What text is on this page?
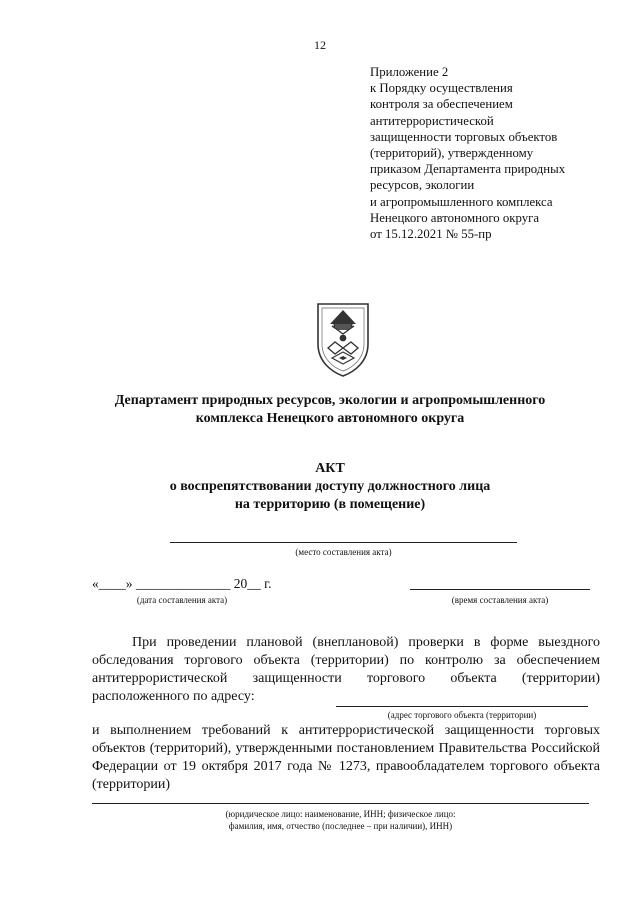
12
Приложение 2
к Порядку осуществления
контроля за обеспечением
антитеррористической
защищенности торговых объектов
(территорий), утвержденному
приказом Департамента природных
ресурсов, экологии
и агропромышленного комплекса
Ненецкого автономного округа
от 15.12.2021 № 55-пр
Департамент природных ресурсов, экологии и агропромышленного
комплекса Ненецкого автономного округа
АКТ
о воспрепятствовании доступу должностного лица
на территорию (в помещение)
(место составления акта)
«____» ______________ 20__ г.
(дата составления акта)	(время составления акта)
При проведении плановой (внеплановой) проверки в форме выездного обследования торгового объекта (территории) по контролю за обеспечением антитеррористической защищенности торгового объекта (территории) расположенного по адресу:
(адрес торгового объекта (территории)
и выполнением требований к антитеррористической защищенности торговых объектов (территорий), утвержденными постановлением Правительства Российской Федерации от 19 октября 2017 года № 1273, правообладателем торгового объекта (территории)
(юридическое лицо: наименование, ИНН; физическое лицо:
фамилия, имя, отчество (последнее – при наличии), ИНН)
